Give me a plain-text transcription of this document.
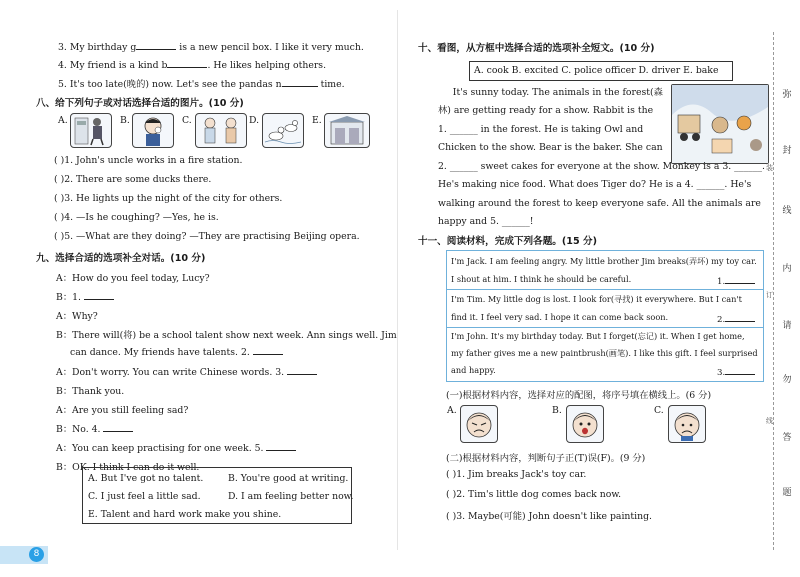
3. My birthday g	is a new pencil box. I like it very much.
4. My friend is a kind b	. He likes helping others.
5. It's too late(晚的) now. Let's see the pandas n	time.
八、给下列句子或对话选择合适的图片。(10 分)
A.	B.	C.	D.	E.
( )1. John's uncle works in a fire station.
( )2. There are some ducks there.
( )3. He lights up the night of the city for others.
( )4. —Is he coughing? —Yes, he is.
( )5. —What are they doing? —They are practising Beijing opera.
九、选择合适的选项补全对话。(10 分)
A：How do you feel today, Lucy?
B：1.
A：Why?
B：There will(将) be a school talent show next week. Ann sings well. Jim
can dance. My friends have talents. 2.
A：Don't worry. You can write Chinese words. 3.
B：Thank you.
A：Are you still feeling sad?
B：No. 4.
A：You can keep practising for one week. 5.
B：OK. I think I can do it well.
A. But I've got no talent.	B. You're good at writing.
C. I just feel a little sad.	D. I am feeling better now.
E. Talent and hard work make you shine.
8
十、看图，从方框中选择合适的选项补全短文。(10 分)
A. cook B. excited C. police officer D. driver E. bake
It's sunny today. The animals in the forest(森
林) are getting ready for a show. Rabbit is the
1. ______ in the forest. He is taking Owl and
Chicken to the show. Bear is the baker. She can
2. ______ sweet cakes for everyone at the show. Monkey is a 3. ______.
He's making nice food. What does Tiger do? He is a 4. ______. He's
walking around the forest to keep everyone safe. All the animals are
happy and 5. ______!
十一、阅读材料，完成下列各题。(15 分)
I'm Jack. I am feeling angry. My little brother Jim breaks(弄坏) my toy car.
I shout at him. I think he should be careful.	1.
I'm Tim. My little dog is lost. I look for(寻找) it everywhere. But I can't
find it. I feel very sad. I hope it can come back soon.	2.
I'm John. It's my birthday today. But I forget(忘记) it. When I get home,
my father gives me a new paintbrush(画笔). I like this gift. I feel surprised
and happy.	3.
(一)根据材料内容，选择对应的配图，将序号填在横线上。(6 分)
A.	B.	C.
(二)根据材料内容，判断句子正(T)误(F)。(9 分)
( )1. Jim breaks Jack's toy car.
( )2. Tim's little dog comes back now.
( )3. Maybe(可能) John doesn't like painting.
弥
封
线
内
请
勿
答
题
装
订
线
